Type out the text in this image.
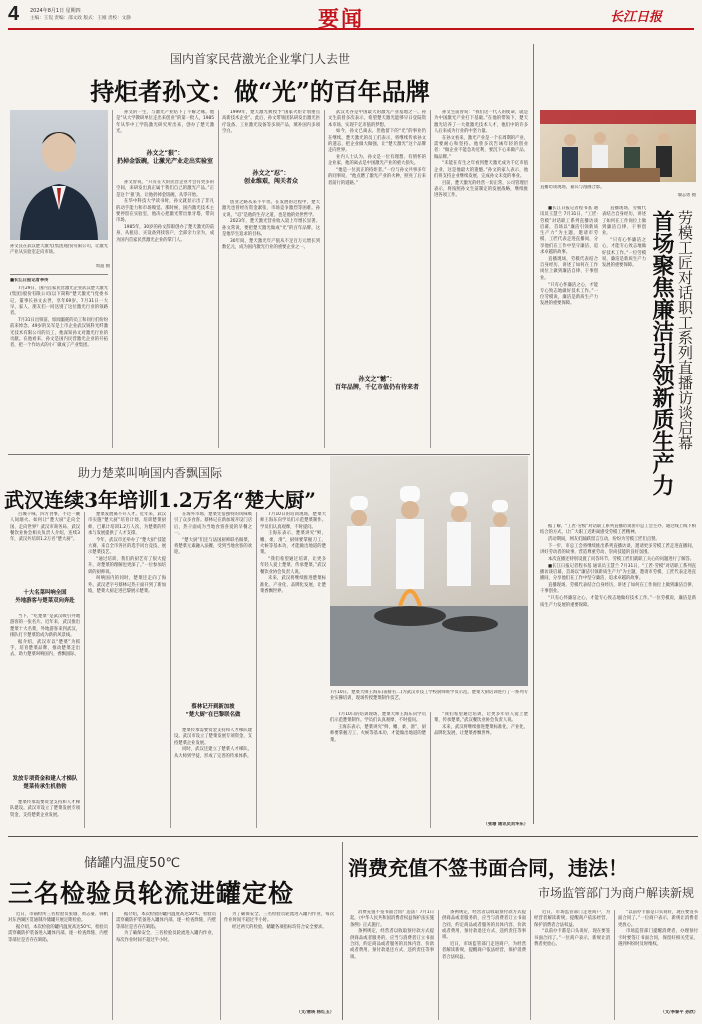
4 2024年8月1日 星期四
主编：王侃 责编：邵文政 版式：王刚 责校：文静	要闻	长江日报
国内首家民营激光企业掌门人去世
持炬者孙文：做“光”的百年品牌
孙文良在武汉楚天激光(集团)股份有限公司，让激光产业从实验室走向市场。
周超 摄
■长江日报记者李传

7月29日，国内首家民营激光企业武汉楚天激光(集团)股份有限公司(以下简称“楚天激光”)党委书记、董事长孙文去世，享年69岁。7月31日一大早，家人、朋友们一同送别了这位激光行业的领路者。

7月31日出殡前，惊闻噩耗的员工和同行们纷纷前来悼念。49岁的吴军是上市企业武汉锐科光纤激光技术有限公司的员工，他深知孙文对激光行业的贡献。在他看来，孙文是国内民营激光企业的开拓者，把一个作坊式的小厂做成了产业集团。

孙文的一生，与激光产业结下了不解之缘。他是“从大学教研单位走出来创业”的第一批人，1985年从华中工学院激光研究所出来，创办了楚天激光。

孙文之“狠”：
扔掉金饭碗，让激光产业走出实验室

孙文曾说，“只有在大的民营企业才会有更多的空间，来研发出真正属于我们自己的激光产品。”正是这个‘狠’劲，让他扔掉金饭碗，从零开始。

在华中科技大学读书时，孙文就显示出了非凡的动手能力和市场嗅觉。那时候，国内激光技术主要停留在实验室，他决心把激光带出象牙塔，带向市场。

1985年，30岁的孙文辞职创办了楚天激光的前身，从租房、买设备到找客户，全部亲力亲为，成为国内首家民营激光企业的掌门人。

1999年，楚天激光被授予“国家火炬计划重点高新技术企业”。此后，孙文带领团队研发出激光医疗设备、工业激光设备等多项产品，填补国内多项空白。

孙文之“忍”：
创业维艰，闯关者众

创业之路从来不平坦。在发展的过程中，楚天激光也曾经历资金紧张、市场竞争激烈等困难。孙文说，“忍”是他的生存之道，也是他的处世哲学。

2023年，楚天激光营业收入较上年增长显著。孙文常说，要把楚天激光做成“光”的百年品牌，这是他毕生追求的目标。

30年间，楚天激光年产值从不足百万元增长到数亿元，成为国内激光行业的重要企业之一。

武汉光谷是中国最大的激光产业基地之一。孙文生前曾多次表示，希望楚天激光能够早日登陆资本市场，实现千亿市值的梦想。

如今，孙文已离去，但他留下的“光”的事业仍在继续。楚天激光的员工们表示，将继续传承孙文的遗志，把企业做大做强，让“楚天激光”这个品牌走向世界。

业内人士认为，孙文是一位有理想、有情怀的企业家，他的离去是中国激光产业的重大损失。

“他是一位真正的持炬者。”一位与孙文共事多年的同事说，“他点燃了激光产业的火种，照亮了后来者前行的道路。”

孙文之“憾”：
百年品牌，千亿市值仍有待来者

孙文生前曾说：“我们这一代人的使命，就是为中国激光产业打下基础。”在他的带领下，楚天激光培养了一大批激光技术人才，他们中的许多人后来成为行业的中坚力量。

在孙文看来，激光产业是一个长周期的产业，需要耐心和坚持。他曾多次告诫年轻的创业者：“做企业不能急功近利，要沉下心来做产品、做品牌。”

“未能在有生之年看到楚天激光成为千亿市值企业，这是他最大的遗憾。”孙文的家人表示，他们将支持企业继续发展，完成孙文未竟的事业。

目前，楚天激光的经营一切正常，公司管理层表示，将按照孙文生前制定的发展战略，继续推进各项工作。

直播访谈现场，嘉宾与漫画合影。
瑜志勇 摄

■长江日报记者程书基 通讯员王慧兰 7月31日，“工匠·劳模”对话职工系列直播访谈启幕，首场以“廉洁引领新质生产力”为主题，邀请市劳模、工匠代表走进直播间，分享他们在工作中坚守廉洁、追求卓越的故事。

直播现场，劳模代表结合自身经历，讲述了如何在工作岗位上做到廉洁自律、干事创业。

“只有心怀廉洁之心，才能专心致志地做好技术工作。”一位劳模说，廉洁是新质生产力发展的重要保障。	劳模工匠对话职工系列直播访谈启幕
首场聚焦廉洁引领新质生产力

直播现场，劳模代表结合自身经历，讲述了如何在工作岗位上做到廉洁自律、干事创业。

“只有心怀廉洁之心，才能专心致志地做好技术工作。”一位劳模说，廉洁是新质生产力发展的重要保障。

据了解，“工匠·劳模”对话职工系列直播访谈由市总工会主办，通过线上线下相结合的方式，让广大职工近距离感受劳模工匠精神。

活动期间，网友们踊跃留言互动，纷纷为劳模工匠们点赞。

下一步，市总工会将继续推出系列直播访谈，邀请更多劳模工匠走进直播间，讲好劳动者的故事，营造尊重劳动、崇尚技能的良好氛围。

本次直播还特别设置了问答环节，劳模工匠们就职工关心的问题进行了解答。

■长江日报记者程书基 通讯员王慧兰 7月31日，“工匠·劳模”对话职工系列直播访谈启幕，首场以“廉洁引领新质生产力”为主题，邀请市劳模、工匠代表走进直播间，分享他们在工作中坚守廉洁、追求卓越的故事。

直播现场，劳模代表结合自身经历，讲述了如何在工作岗位上做到廉洁自律、干事创业。

“只有心怀廉洁之心，才能专心致志地做好技术工作。”一位劳模说，廉洁是新质生产力发展的重要保障。

助力楚菜叫响国内香飘国际
武汉连续3年培训1.2万名“楚大厨”
7月10日，楚菜大师王海东(前排右二)为武汉市技工学校厨师班学员示范。楚菜大厨培训进行了一系列专业实操培训，现场传授楚菜制作技艺。

百城千味，四方食事，不过一碗人间烟火。如何让“楚大厨”走向全国、走向世界？武汉市商务局、武汉餐饮业协会相关负责人介绍，连续3年，武汉共培训1.2万名“楚大厨”。

十大名菜叫响全国
外地游客与楚菜双向奔赴

当下，“吃楚菜”是武汉吸引外地游客的一张名片。近年来，武汉推出楚菜十大名菜，外地游客来到武汉，排队打卡楚菜馆成为新的风景线。

据介绍，武汉市以“楚菜”为抓手，培育楚菜品牌，推动楚菜走出去，助力楚菜叫响国内、香飘国际。

发放专项资金和建人才梯队
楚菜传承生机勃勃

楚菜传承需要资金支持和人才梯队建设。武汉市设立了楚菜发展专项资金，支持楚菜企业发展。

楚菜发展离不开人才。近年来，武汉市实施“楚大厨”培育计划，培训楚菜厨师，已累计培训1.2万人次，为楚菜的传承与发展提供了人才支撑。

今年，武汉市还举办了“楚大厨”技能大赛，来自全市各区的选手同台竞技，展示楚菜技艺。

“通过培训，我们的厨艺有了很大提升，对楚菜的理解也更深了。”一位参加培训的厨师说。

叫响国内的同时，楚菜还走向了海外。武汉老字号蔡林记热干面开到了新加坡，楚菜大厨走进巴黎展示楚菜。

在海外市场，楚菜凭借独特的风味吸引了众多食客。蔡林记在新加坡开设门店后，热干面成为当地食客喜爱的早餐之一。

“楚大厨”们还与法国厨师联名做菜，将楚菜元素融入法餐，受到当地食客的欢迎。

蔡林记开到新加坡
“楚大厨”在巴黎联名做

楚菜传承需要资金支持和人才梯队建设。武汉市设立了楚菜发展专项资金，支持楚菜企业发展。

同时，武汉还建立了楚菜人才梯队，从大师到学徒，形成了完善的传承体系。

7月10日的培训现场，楚菜大师王海东向学员们示范楚菜制作。学员们认真观摩，不时提问。

王海东表示，楚菜讲究“鲜、嫩、柔、滑”，厨师要掌握刀工、火候等基本功，才能做出地道的楚菜。

“我们希望通过培训，让更多年轻人爱上楚菜、传承楚菜。”武汉餐饮业协会负责人说。

未来，武汉将继续推进楚菜标准化、产业化、品牌化发展，让楚菜香飘世界。

7月10日的培训现场，楚菜大师王海东向学员们示范楚菜制作。学员们认真观摩，不时提问。

王海东表示，楚菜讲究“鲜、嫩、柔、滑”，厨师要掌握刀工、火候等基本功，才能做出地道的楚菜。

“我们希望通过培训，让更多年轻人爱上楚菜、传承楚菜。”武汉餐饮业协会负责人说。

未来，武汉将继续推进楚菜标准化、产业化、品牌化发展，让楚菜香飘世界。

（张珊 通讯员刘华东）
储罐内温度50℃
三名检验员轮流进罐定检

近日，市锅检所三名检验员张瑜、黄志豪、韩帆对东西湖区贯通制冷储罐开展定期检验。

据介绍，本次检验的罐内温度高达50℃，检验员需穿戴防护装备进入罐体内部，逐一检查焊缝、内壁等部位是否存在缺陷。

据介绍，本次检验的罐内温度高达50℃，检验员需穿戴防护装备进入罐体内部，逐一检查焊缝、内壁等部位是否存在缺陷。

为了确保安全，三名检验员轮流进入罐内作业，每次作业时间不超过半小时。

为了确保安全，三名检验员轮流进入罐内作业，每次作业时间不超过半小时。

经过两天的检验，储罐各项指标均符合安全要求。

（文/唐瑛 杨红玉）
消费充值不签书面合同，违法！
市场监管部门为商户解读新规

消费充值不签书面合同？违法！7月1日起，《中华人民共和国消费者权益保护法实施条例》正式施行。

条例规定，经营者以收取预付款方式提供商品或者服务的，应当与消费者订立书面合同，约定商品或者服务的具体内容、价款或者费用、预付款退还方式、违约责任等事项。

条例规定，经营者以收取预付款方式提供商品或者服务的，应当与消费者订立书面合同，约定商品或者服务的具体内容、价款或者费用、预付款退还方式、违约责任等事项。

近日，市场监管部门走进商户，为经营者解读新规，提醒商户依法经营，保护消费者合法权益。

近日，市场监管部门走进商户，为经营者解读新规，提醒商户依法经营，保护消费者合法权益。

“以前办卡都是口头说好，现在要签书面合同了。”一位商户表示，新规让消费者更放心。

“以前办卡都是口头说好，现在要签书面合同了。”一位商户表示，新规让消费者更放心。

市场监管部门提醒消费者，办理预付卡时要签订书面合同，保留好相关凭证，遇到纠纷时及时维权。

（文/李黎平 孙欣）
